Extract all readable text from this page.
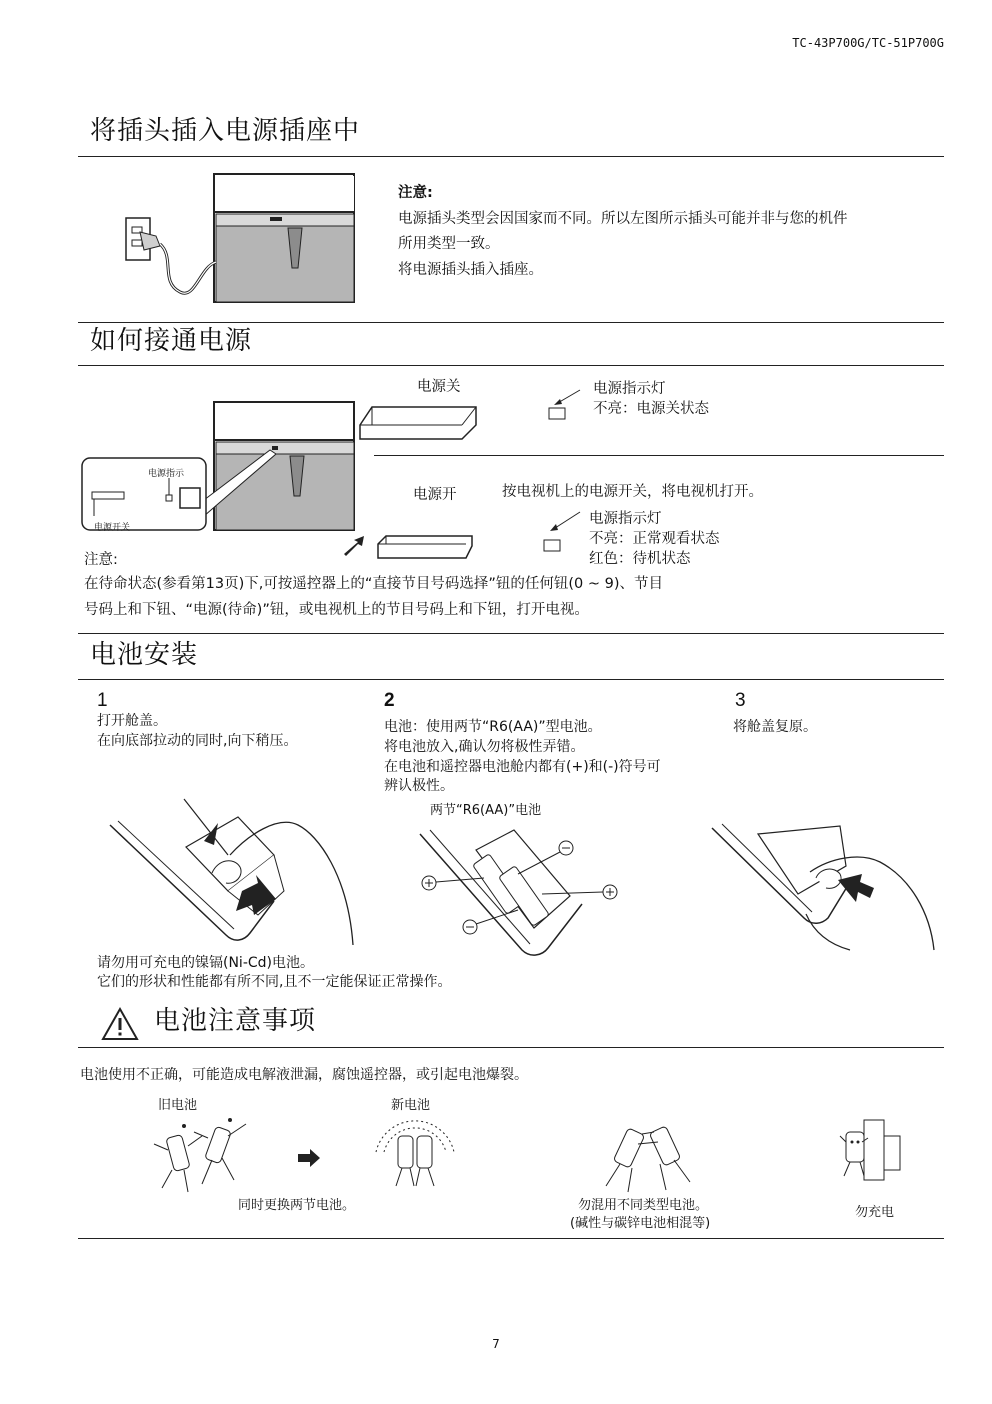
TC-43P700G/TC-51P700G
将插头插入电源插座中
注意:
电源插头类型会因国家而不同。所以左图所示插头可能并非与您的机件
所用类型一致。
将电源插头插入插座。
如何接通电源
电源指示
电源开关
电源关	电源指示灯
不亮：电源关状态
电源开	按电视机上的电源开关，将电视机打开。
电源指示灯
不亮：正常观看状态
红色：待机状态
注意:
在待命状态(参看第13页)下,可按遥控器上的“直接节目号码选择”钮的任何钮(0 ~ 9)、节目
号码上和下钮、“电源(待命)”钮，或电视机上的节目号码上和下钮，打开电视。
电池安装
1
打开舱盖。
在向底部拉动的同时,向下稍压。
2
电池：使用两节“R6(AA)”型电池。
将电池放入,确认勿将极性弄错。
在电池和遥控器电池舱内都有(+)和(-)符号可
辨认极性。
两节“R6(AA)”电池
3
将舱盖复原。
请勿用可充电的镍镉(Ni-Cd)电池。
它们的形状和性能都有所不同,且不一定能保证正常操作。
电池注意事项
电池使用不正确，可能造成电解液泄漏，腐蚀遥控器，或引起电池爆裂。
旧电池	新电池
同时更换两节电池。	勿混用不同类型电池。
(碱性与碳锌电池相混等)
勿充电
7
